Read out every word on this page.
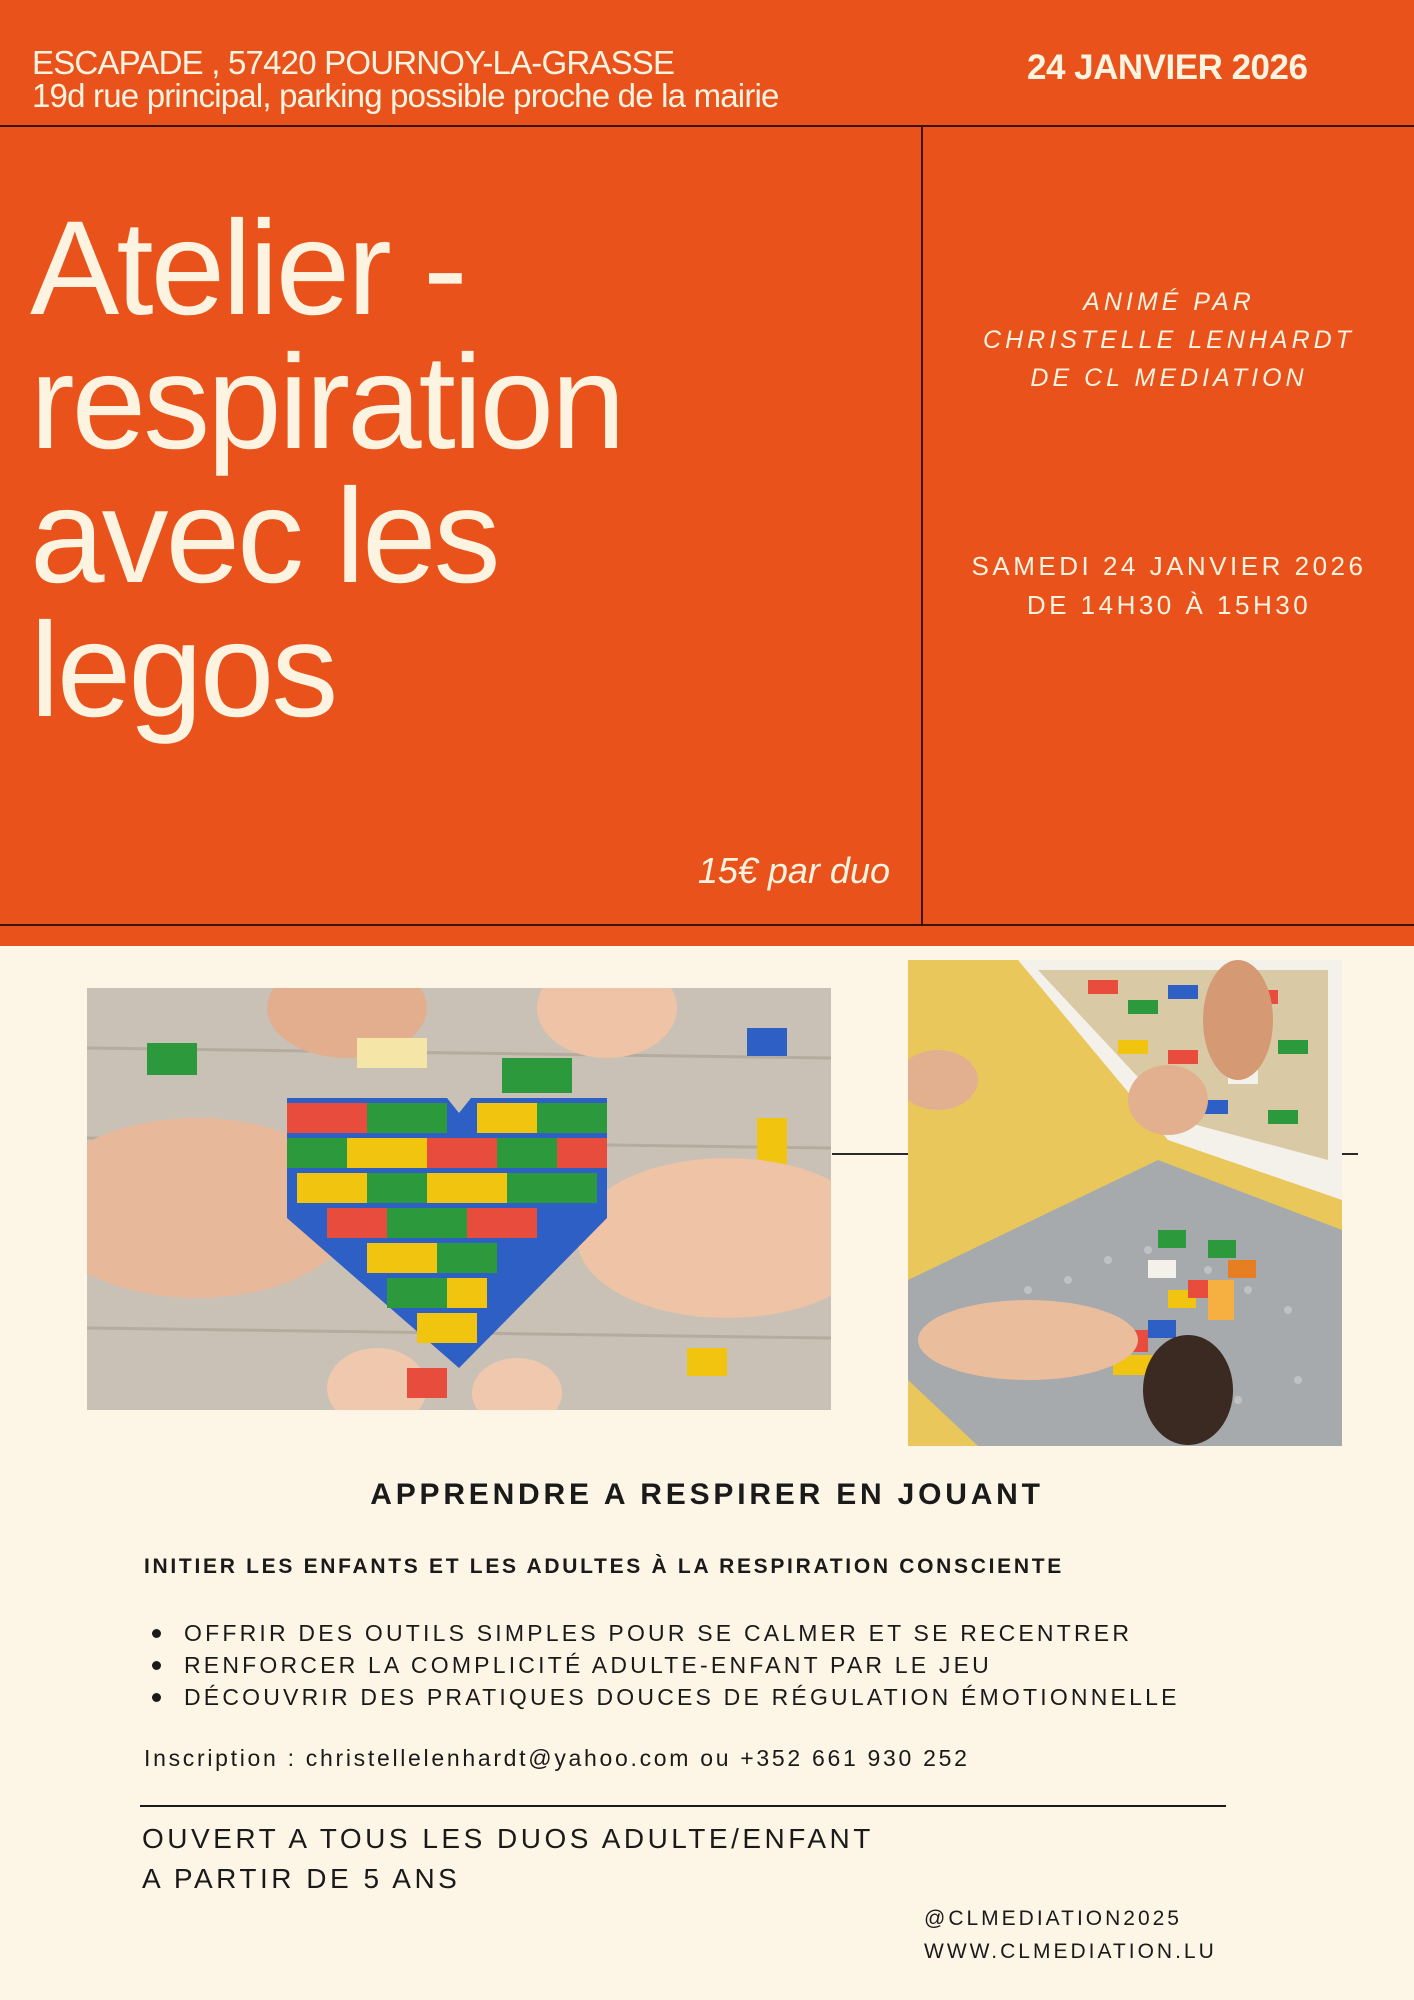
ESCAPADE , 57420 POURNOY-LA-GRASSE
19d rue principal, parking possible proche de la mairie
24 JANVIER 2026
Atelier -
respiration
avec les
legos
15€ par duo
ANIMÉ PAR
CHRISTELLE LENHARDT
DE CL MEDIATION
SAMEDI 24 JANVIER 2026
DE 14H30 À 15H30
APPRENDRE A RESPIRER EN JOUANT
INITIER LES ENFANTS ET LES ADULTES À LA RESPIRATION CONSCIENTE
OFFRIR DES OUTILS SIMPLES POUR SE CALMER ET SE RECENTRER
RENFORCER LA COMPLICITÉ ADULTE-ENFANT PAR LE JEU
DÉCOUVRIR DES PRATIQUES DOUCES DE RÉGULATION ÉMOTIONNELLE
Inscription : christellelenhardt@yahoo.com ou +352 661 930 252
OUVERT A TOUS LES DUOS ADULTE/ENFANT
A PARTIR DE 5 ANS
@CLMEDIATION2025
WWW.CLMEDIATION.LU
